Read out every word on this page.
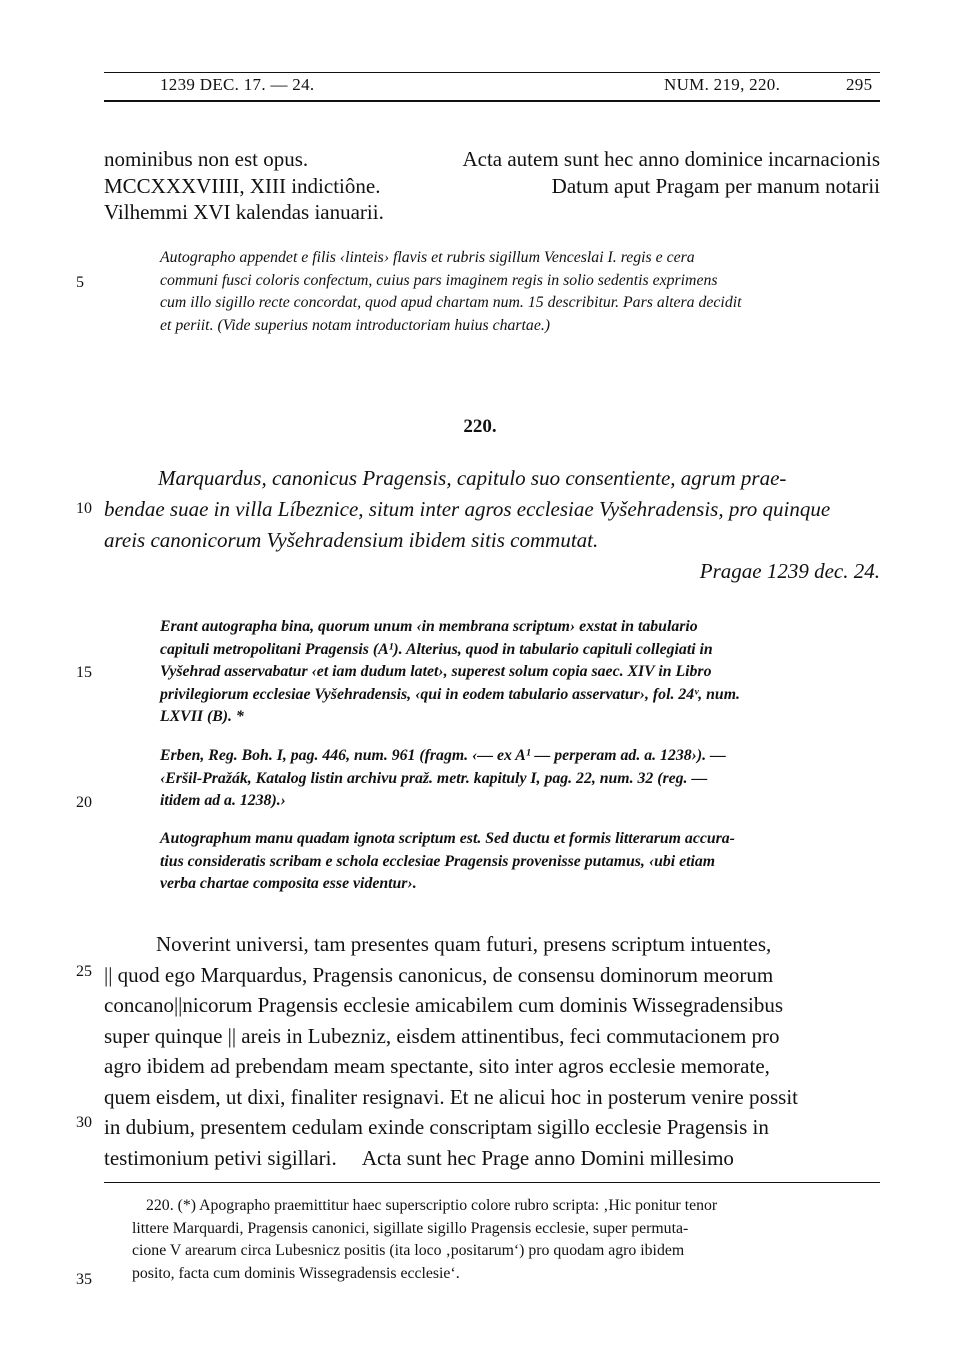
1239 DEC. 17. — 24.	NUM. 219, 220.	295
nominibus non est opus.	Acta autem sunt hec anno dominice incarnacionis
MCCXXXVIIII, XIII indictiône.	Datum aput Pragam per manum notarii
Vilhemmi XVI kalendas ianuarii.
Autographo appendet e filis ‹linteis› flavis et rubris sigillum Venceslai I. regis e cera
communi fusci coloris confectum, cuius pars imaginem regis in solio sedentis exprimens
cum illo sigillo recte concordat, quod apud chartam num. 15 describitur. Pars altera decidit
et periit. (Vide superius notam introductoriam huius chartae.)
220.
Marquardus, canonicus Pragensis, capitulo suo consentiente, agrum prae-
bendae suae in villa Líbeznice, situm inter agros ecclesiae Vyšehradensis, pro quinque
areis canonicorum Vyšehradensium ibidem sitis commutat.
Pragae 1239 dec. 24.
Erant autographa bina, quorum unum ‹in membrana scriptum› exstat in tabulario
capituli metropolitani Pragensis (A¹). Alterius, quod in tabulario capituli collegiati in
Vyšehrad asservabatur ‹et iam dudum latet›, superest solum copia saec. XIV in Libro
privilegiorum ecclesiae Vyšehradensis, ‹qui in eodem tabulario asservatur›, fol. 24ᵛ, num.
LXVII (B). *
Erben, Reg. Boh. I, pag. 446, num. 961 (fragm. ‹— ex A¹ — perperam ad. a. 1238›). —
‹Eršil-Pražák, Katalog listin archivu praž. metr. kapituly I, pag. 22, num. 32 (reg. —
itidem ad a. 1238).›
Autographum manu quadam ignota scriptum est. Sed ductu et formis litterarum accura-
tius consideratis scribam e schola ecclesiae Pragensis provenisse putamus, ‹ubi etiam
verba chartae composita esse videntur›.
Noverint universi, tam presentes quam futuri, presens scriptum intuentes,
|| quod ego Marquardus, Pragensis canonicus, de consensu dominorum meorum
concano||nicorum Pragensis ecclesie amicabilem cum dominis Wissegradensibus
super quinque || areis in Lubezniz, eisdem attinentibus, feci commutacionem pro
agro ibidem ad prebendam meam spectante, sito inter agros ecclesie memorate,
quem eisdem, ut dixi, finaliter resignavi. Et ne alicui hoc in posterum venire possit
in dubium, presentem cedulam exinde conscriptam sigillo ecclesie Pragensis in
testimonium petivi sigillari.     Acta sunt hec Prage anno Domini millesimo
220. (*) Apographo praemittitur haec superscriptio colore rubro scripta: ‚Hic ponitur tenor
littere Marquardi, Pragensis canonici, sigillate sigillo Pragensis ecclesie, super permuta-
cione V arearum circa Lubesnicz positis (ita loco ‚positarum‘) pro quodam agro ibidem
posito, facta cum dominis Wissegradensis ecclesie‘.
5
10
15
20
25
30
35
